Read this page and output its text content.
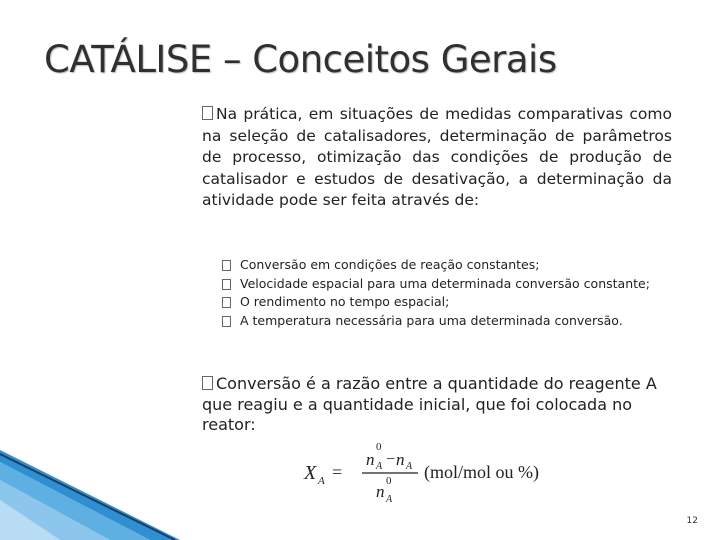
CATÁLISE – Conceitos Gerais
Na prática, em situações de medidas comparativas como na seleção de catalisadores, determinação de parâmetros de processo, otimização das condições de produção de catalisador e estudos de desativação, a determinação da atividade pode ser feita através de:
Conversão em condições de reação constantes;
Velocidade espacial para uma determinada conversão constante;
O rendimento no tempo espacial;
A temperatura necessária para uma determinada conversão.
Conversão é a razão entre a quantidade do reagente A que reagiu e a quantidade inicial, que foi colocada no reator:
X A =
0
n A − n A
0
n A
(mol/mol ou %)
12
